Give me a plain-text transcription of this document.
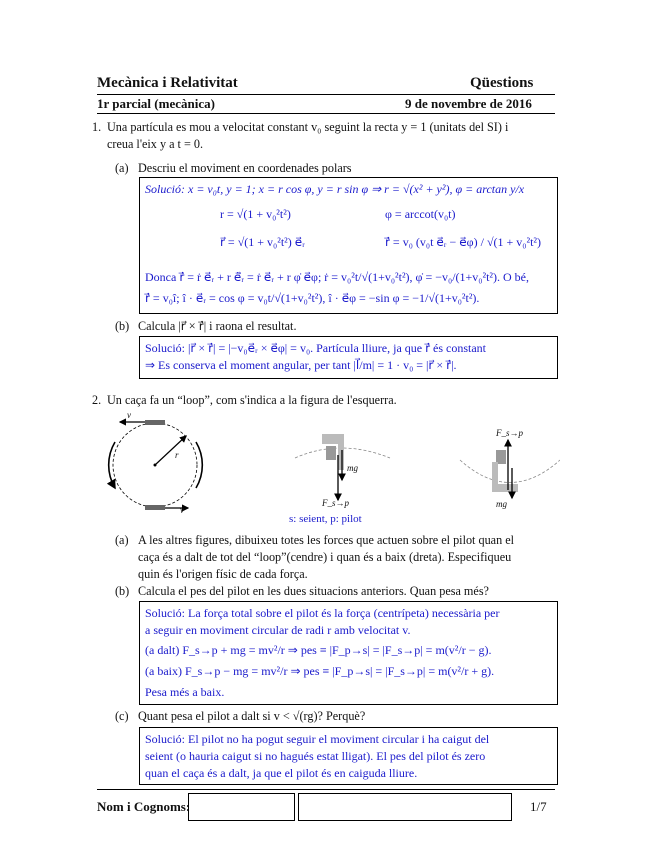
Mecànica i Relativitat	Qüestions
1r parcial (mecànica)	9 de novembre de 2016
1. Una partícula es mou a velocitat constant v₀ seguint la recta y = 1 (unitats del SI) i
creua l'eix y a t = 0.
(a) Descriu el moviment en coordenades polars
Solució: x = v₀t, y = 1; x = r cos φ, y = r sin φ ⇒ r = √(x² + y²), φ = arctan y/x
r = √(1 + v₀²t²)	φ = arccot(v₀t)
r⃗ = √(1 + v₀²t²) e⃗ᵣ	ṙ⃗ = v₀ (v₀t e⃗ᵣ − e⃗φ) / √(1 + v₀²t²)
Donca ṙ⃗ = ṙ e⃗ᵣ + r ė⃗ᵣ = ṙ e⃗ᵣ + r φ̇ e⃗φ; ṙ = v₀²t/√(1+v₀²t²), φ̇ = −v₀/(1+v₀²t²). O bé,
ṙ⃗ = v₀î; î · e⃗ᵣ = cos φ = v₀t/√(1+v₀²t²), î · e⃗φ = −sin φ = −1/√(1+v₀²t²).
(b) Calcula |r⃗ × ṙ⃗| i raona el resultat.
Solució: |r⃗ × ṙ⃗| = |−v₀e⃗ᵣ × e⃗φ| = v₀. Partícula lliure, ja que ṙ⃗ és constant
⇒ Es conserva el moment angular, per tant |l⃗/m| = 1 · v₀ = |r⃗ × ṙ⃗|.
2. Un caça fa un “loop”, com s'indica a la figura de l'esquerra.
v
v
r
mg
F_s→p
s: seient, p: pilot
F_s→p
mg
(a) A les altres figures, dibuixeu totes les forces que actuen sobre el pilot quan el
caça és a dalt de tot del “loop”(cendre) i quan és a baix (dreta). Especifiqueu
quin és l'origen físic de cada força.
(b) Calcula el pes del pilot en les dues situacions anteriors. Quan pesa més?
Solució: La força total sobre el pilot és la força (centrípeta) necessària per
a seguir en moviment circular de radi r amb velocitat v.
(a dalt) F_s→p + mg = mv²/r ⇒ pes ≡ |F_p→s| = |F_s→p| = m(v²/r − g).
(a baix) F_s→p − mg = mv²/r ⇒ pes ≡ |F_p→s| = |F_s→p| = m(v²/r + g).
Pesa més a baix.
(c) Quant pesa el pilot a dalt si v < √(rg)? Perquè?
Solució: El pilot no ha pogut seguir el moviment circular i ha caigut del
seient (o hauria caigut si no hagués estat lligat). El pes del pilot és zero
quan el caça és a dalt, ja que el pilot és en caiguda lliure.
Nom i Cognoms:	1/7
